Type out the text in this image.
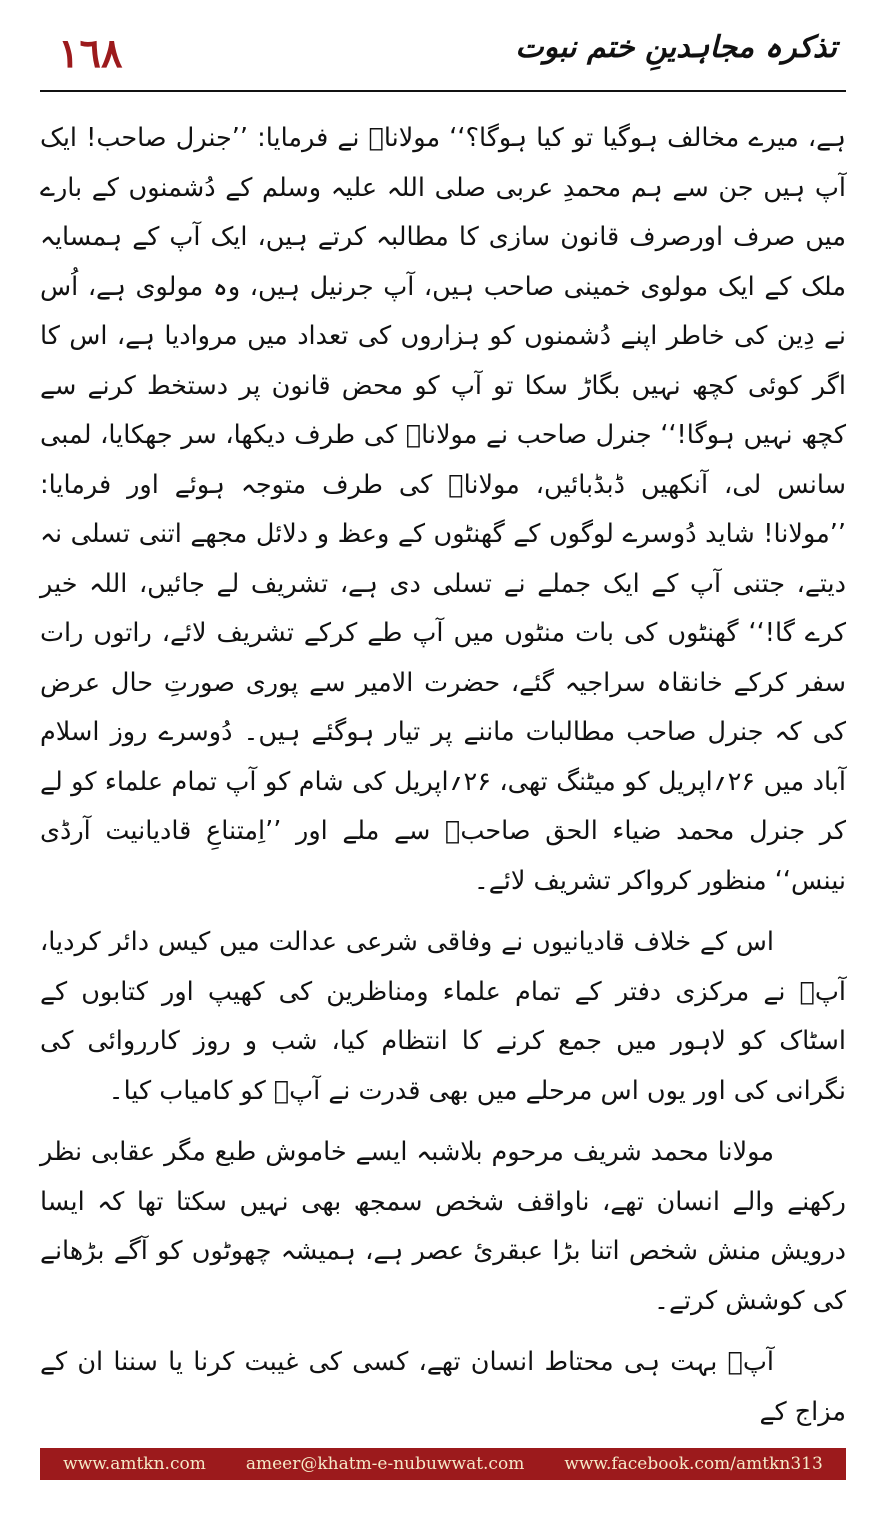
١٦٨	تذکرہ مجاہدینِ ختم نبوت

ہے، میرے مخالف ہوگیا تو کیا ہوگا؟‘‘ مولاناؒ نے فرمایا: ’’جنرل صاحب! ایک آپ ہیں جن سے ہم محمدِ عربی صلی اللہ علیہ وسلم کے دُشمنوں کے بارے میں صرف اورصرف قانون سازی کا مطالبہ کرتے ہیں، ایک آپ کے ہمسایہ ملک کے ایک مولوی خمینی صاحب ہیں، آپ جرنیل ہیں، وہ مولوی ہے، اُس نے دِین کی خاطر اپنے دُشمنوں کو ہزاروں کی تعداد میں مروادیا ہے، اس کا اگر کوئی کچھ نہیں بگاڑ سکا تو آپ کو محض قانون پر دستخط کرنے سے کچھ نہیں ہوگا!‘‘ جنرل صاحب نے مولاناؒ کی طرف دیکھا، سر جھکایا، لمبی سانس لی، آنکھیں ڈبڈبائیں، مولاناؒ کی طرف متوجہ ہوئے اور فرمایا: ’’مولانا! شاید دُوسرے لوگوں کے گھنٹوں کے وعظ و دلائل مجھے اتنی تسلی نہ دیتے، جتنی آپ کے ایک جملے نے تسلی دی ہے، تشریف لے جائیں، اللہ خیر کرے گا!‘‘ گھنٹوں کی بات منٹوں میں آپ طے کرکے تشریف لائے، راتوں رات سفر کرکے خانقاہ سراجیہ گئے، حضرت الامیر سے پوری صورتِ حال عرض کی کہ جنرل صاحب مطالبات ماننے پر تیار ہوگئے ہیں۔ دُوسرے روز اسلام آباد میں ۲۶؍اپریل کو میٹنگ تھی، ۲۶؍اپریل کی شام کو آپ تمام علماء کو لے کر جنرل محمد ضیاء الحق صاحبؒ سے ملے اور ’’اِمتناعِ قادیانیت آرڈی نینس‘‘ منظور کرواکر تشریف لائے۔

اس کے خلاف قادیانیوں نے وفاقی شرعی عدالت میں کیس دائر کردیا، آپؒ نے مرکزی دفتر کے تمام علماء ومناظرین کی کھیپ اور کتابوں کے اسٹاک کو لاہور میں جمع کرنے کا انتظام کیا، شب و روز کارروائی کی نگرانی کی اور یوں اس مرحلے میں بھی قدرت نے آپؒ کو کامیاب کیا۔

مولانا محمد شریف مرحوم بلاشبہ ایسے خاموش طبع مگر عقابی نظر رکھنے والے انسان تھے، ناواقف شخص سمجھ بھی نہیں سکتا تھا کہ ایسا درویش منش شخص اتنا بڑا عبقریٔ عصر ہے، ہمیشہ چھوٹوں کو آگے بڑھانے کی کوشش کرتے۔

آپؒ بہت ہی محتاط انسان تھے، کسی کی غیبت کرنا یا سننا ان کے مزاج کے

www.amtkn.com ameer@khatm-e-nubuwwat.com www.facebook.com/amtkn313
